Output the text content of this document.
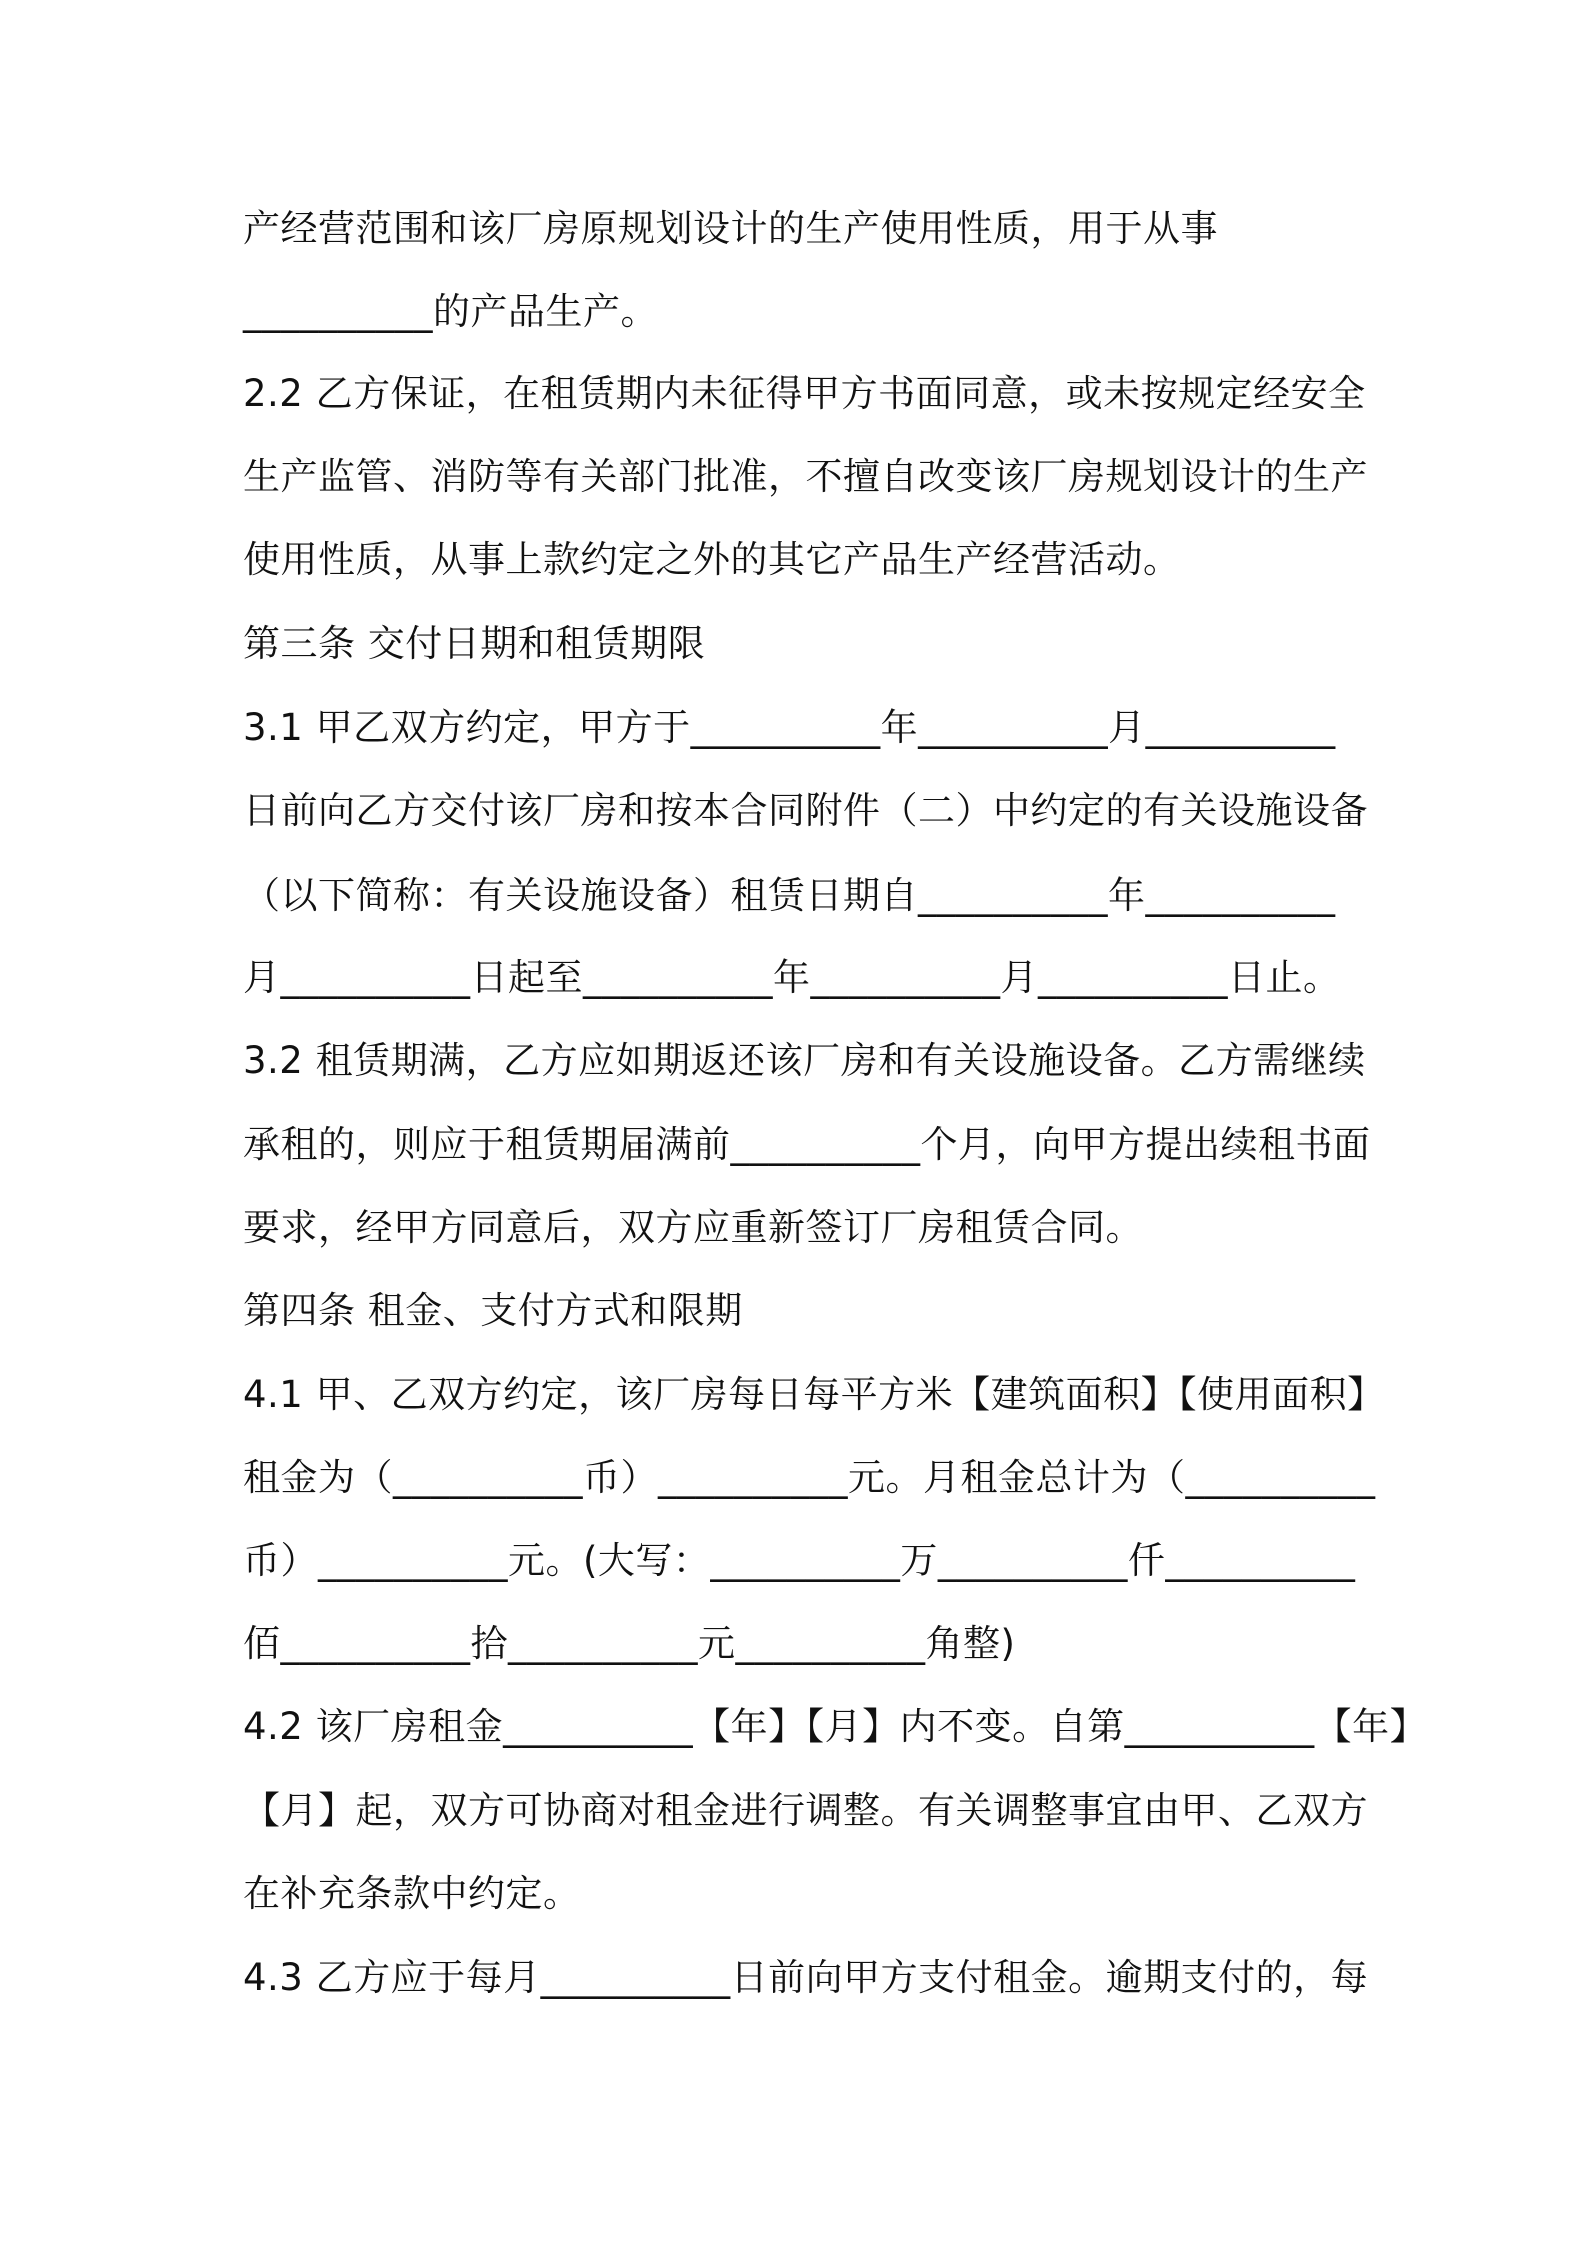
产经营范围和该厂房原规划设计的生产使用性质，用于从事
__________的产品生产。
2.2 乙方保证，在租赁期内未征得甲方书面同意，或未按规定经安全
生产监管、消防等有关部门批准，不擅自改变该厂房规划设计的生产
使用性质，从事上款约定之外的其它产品生产经营活动。
第三条 交付日期和租赁期限
3.1 甲乙双方约定，甲方于__________年__________月__________
日前向乙方交付该厂房和按本合同附件（二）中约定的有关设施设备
（以下简称：有关设施设备）租赁日期自__________年__________
月__________日起至__________年__________月__________日止。
3.2 租赁期满，乙方应如期返还该厂房和有关设施设备。乙方需继续
承租的，则应于租赁期届满前__________个月，向甲方提出续租书面
要求，经甲方同意后，双方应重新签订厂房租赁合同。
第四条 租金、支付方式和限期
4.1 甲、乙双方约定，该厂房每日每平方米【建筑面积】【使用面积】
租金为（__________币）__________元。月租金总计为（__________
币）__________元。(大写：__________万__________仟__________
佰__________拾__________元__________角整)
4.2 该厂房租金__________【年】【月】内不变。自第__________【年】
【月】起，双方可协商对租金进行调整。有关调整事宜由甲、乙双方
在补充条款中约定。
4.3 乙方应于每月__________日前向甲方支付租金。逾期支付的，每
